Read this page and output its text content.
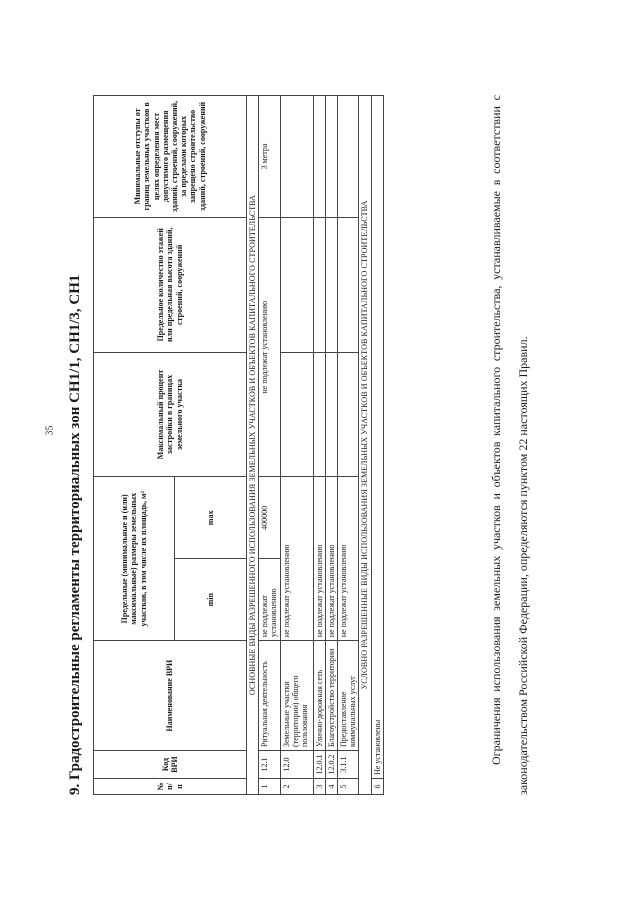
35 9. Градостроительные регламенты территориальных зон СН1/1, СН1/3, СН1	№ п/п	Код ВРИ	Наименование ВРИ	Предельные (минимальные и (или) максимальные) размеры земельных участков, в том числе их площадь, м²		Максимальный процент застройки в границах земельного участка	Предельное количество этажей или предельная высота зданий, строений, сооружений	Минимальные отступы от границ земельных участков в целях определения мест допустимого размещения зданий, строений, сооружений, за пределами которых запрещено строительство зданий, строений, сооружений
			min	max			
ОСНОВНЫЕ ВИДЫ РАЗРЕШЕННОГО ИСПОЛЬЗОВАНИЯ ЗЕМЕЛЬНЫХ УЧАСТКОВ И ОБЪЕКТОВ КАПИТАЛЬНОГО СТРОИТЕЛЬСТВА							
1	12.1	Ритуальная деятельность	не подлежат установлению	400000	не подлежат установлению		3 метра
2	12.0	Земельные участки (территории) общего пользования	не подлежат установлению				
3	12.0.1	Улично-дорожная сеть	не подлежат установлению				
4	12.0.2	Благоустройство территории	не подлежат установлению				
5	3.1.1	Предоставление коммунальных услуг	не подлежат установлению				
УСЛОВНО РАЗРЕШЕННЫЕ ВИДЫ ИСПОЛЬЗОВАНИЯ ЗЕМЕЛЬНЫХ УЧАСТКОВ И ОБЪЕКТОВ КАПИТАЛЬНОГО СТРОИТЕЛЬСТВА							
6	Не установлены							Ограничения использования земельных участков и объектов капитального строительства, устанавливаемые в соответствии с законодательством Российской Федерации, определяются пунктом 22 настоящих Правил.
